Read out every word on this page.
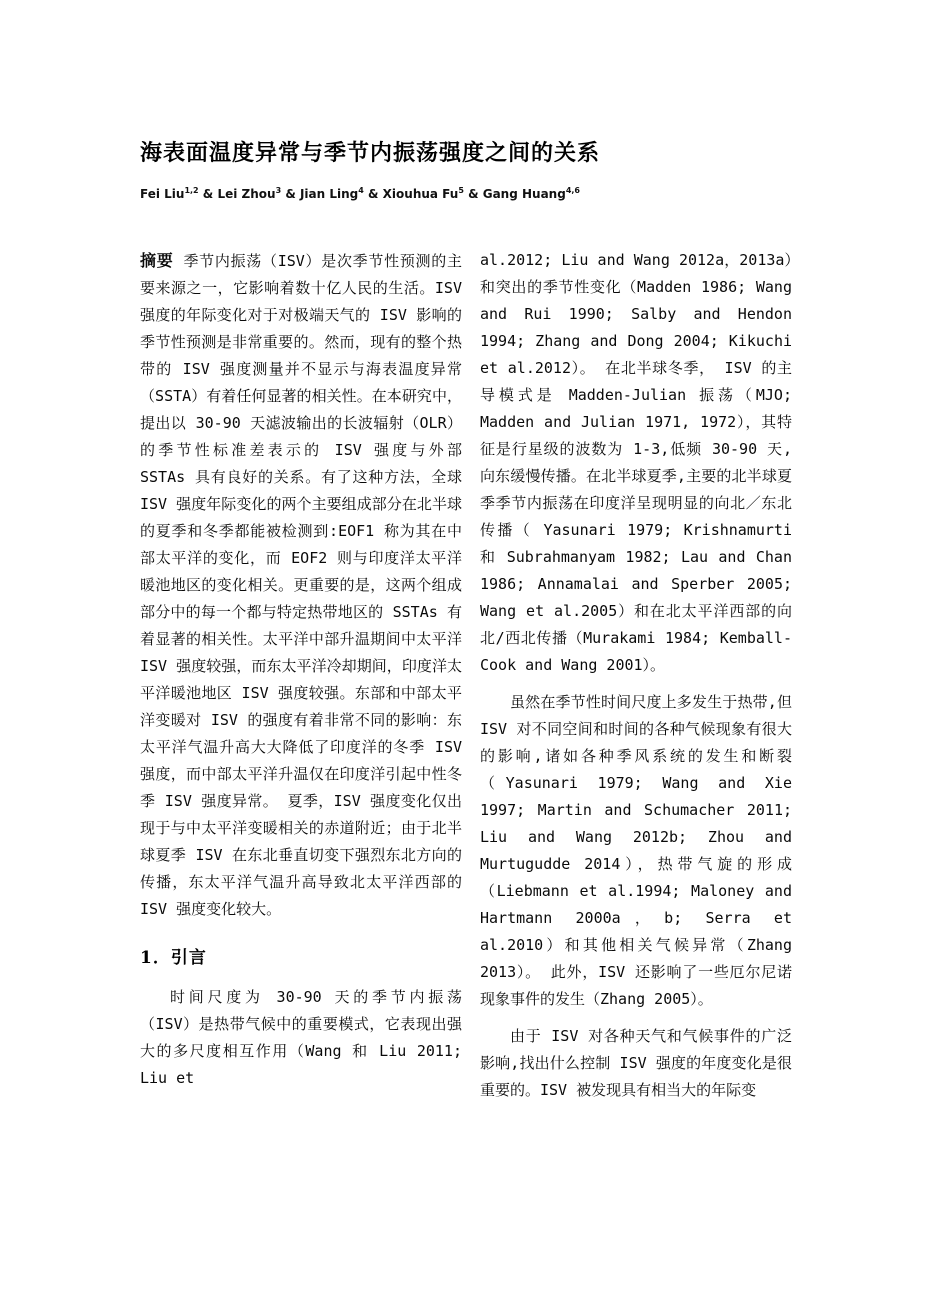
海表面温度异常与季节内振荡强度之间的关系
Fei Liu$^{1,2}$ & Lei Zhou$^3$ & Jian Ling$^4$ & Xiouhua Fu$^5$ & Gang Huang$^{4,6}$

摘要 季节内振荡（ISV）是次季节性预测的主要来源之一，它影响着数十亿人民的生活。ISV 强度的年际变化对于对极端天气的 ISV 影响的季节性预测是非常重要的。然而，现有的整个热带的 ISV 强度测量并不显示与海表温度异常（SSTA）有着任何显著的相关性。在本研究中，提出以 30-90 天滤波输出的长波辐射（OLR）的季节性标准差表示的 ISV 强度与外部 SSTAs 具有良好的关系。有了这种方法，全球 ISV 强度年际变化的两个主要组成部分在北半球的夏季和冬季都能被检测到:EOF1 称为其在中部太平洋的变化，而 EOF2 则与印度洋太平洋暖池地区的变化相关。更重要的是，这两个组成部分中的每一个都与特定热带地区的 SSTAs 有着显著的相关性。太平洋中部升温期间中太平洋 ISV 强度较强，而东太平洋冷却期间，印度洋太平洋暖池地区 ISV 强度较强。东部和中部太平洋变暖对 ISV 的强度有着非常不同的影响：东太平洋气温升高大大降低了印度洋的冬季 ISV 强度，而中部太平洋升温仅在印度洋引起中性冬季 ISV 强度异常。 夏季，ISV 强度变化仅出现于与中太平洋变暖相关的赤道附近；由于北半球夏季 ISV 在东北垂直切变下强烈东北方向的传播，东太平洋气温升高导致北太平洋西部的 ISV 强度变化较大。

1．引言

时间尺度为 30-90 天的季节内振荡（ISV）是热带气候中的重要模式，它表现出强大的多尺度相互作用（Wang 和 Liu 2011; Liu et

al.2012; Liu and Wang 2012a，2013a）和突出的季节性变化（Madden 1986; Wang and Rui 1990; Salby and Hendon 1994; Zhang and Dong 2004; Kikuchi et al.2012）。 在北半球冬季， ISV 的主导模式是 Madden-Julian 振荡（MJO; Madden and Julian 1971, 1972），其特征是行星级的波数为 1-3,低频 30-90 天,向东缓慢传播。在北半球夏季,主要的北半球夏季季节内振荡在印度洋呈现明显的向北／东北传播（ Yasunari 1979; Krishnamurti 和 Subrahmanyam 1982; Lau and Chan 1986; Annamalai and Sperber 2005; Wang et al.2005）和在北太平洋西部的向北/西北传播（Murakami 1984; Kemball-Cook and Wang 2001）。

虽然在季节性时间尺度上多发生于热带,但 ISV 对不同空间和时间的各种气候现象有很大的影响,诸如各种季风系统的发生和断裂（Yasunari 1979; Wang and Xie 1997; Martin and Schumacher 2011; Liu and Wang 2012b; Zhou and Murtugudde 2014），热带气旋的形成（Liebmann et al.1994; Maloney and Hartmann 2000a，b; Serra et al.2010）和其他相关气候异常（Zhang 2013）。 此外，ISV 还影响了一些厄尔尼诺现象事件的发生（Zhang 2005）。

由于 ISV 对各种天气和气候事件的广泛影响,找出什么控制 ISV 强度的年度变化是很重要的。ISV 被发现具有相当大的年际变
